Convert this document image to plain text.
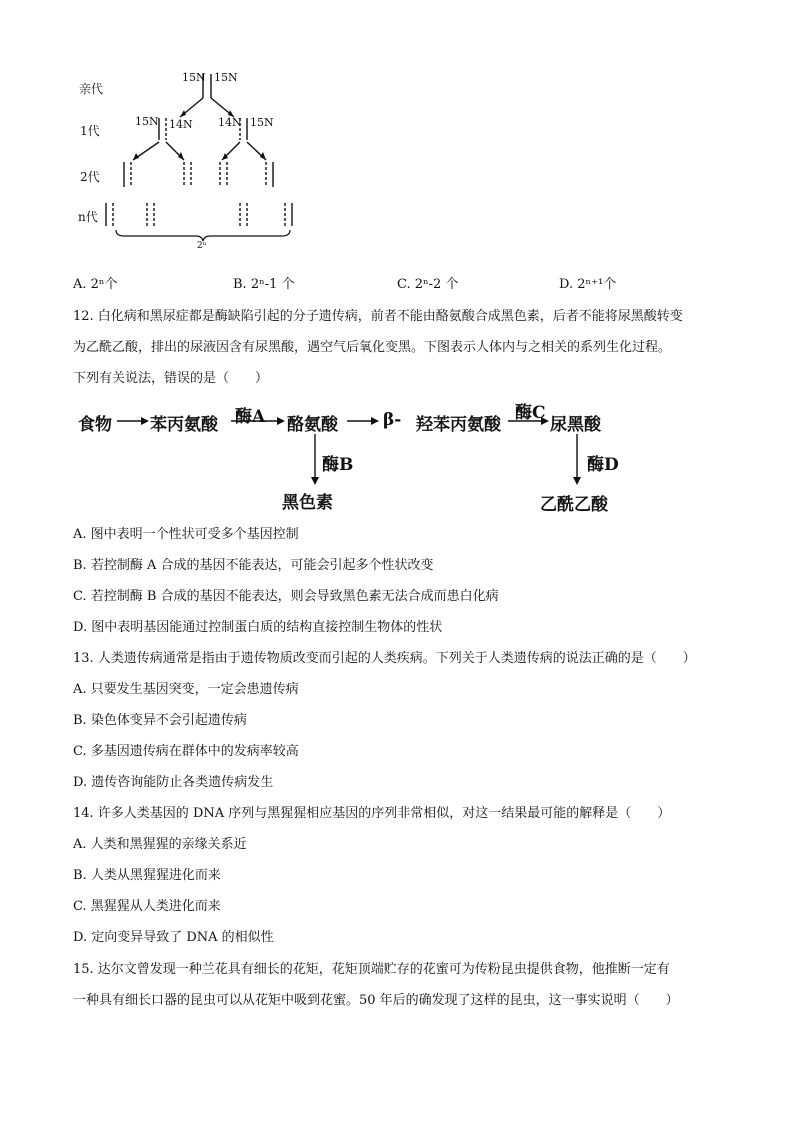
亲代
1代
2代
n代
15N 15N
15N 14N 14N 15N
2ⁿ
A. 2ⁿ个	B. 2ⁿ-1 个	C. 2ⁿ-2 个	D. 2ⁿ⁺¹个
12. 白化病和黑尿症都是酶缺陷引起的分子遗传病，前者不能由酪氨酸合成黑色素，后者不能将尿黑酸转变
为乙酰乙酸，排出的尿液因含有尿黑酸，遇空气后氧化变黑。下图表示人体内与之相关的系列生化过程。
下列有关说法，错误的是（　　）
食物 苯丙氨酸 酶A 酪氨酸	β- 羟苯丙氨酸
酶C
尿黑酸
酶B
黑色素
酶D
乙酰乙酸
A. 图中表明一个性状可受多个基因控制
B. 若控制酶 A 合成的基因不能表达，可能会引起多个性状改变
C. 若控制酶 B 合成的基因不能表达，则会导致黑色素无法合成而患白化病
D. 图中表明基因能通过控制蛋白质的结构直接控制生物体的性状
13. 人类遗传病通常是指由于遗传物质改变而引起的人类疾病。下列关于人类遗传病的说法正确的是（　　）
A. 只要发生基因突变，一定会患遗传病
B. 染色体变异不会引起遗传病
C. 多基因遗传病在群体中的发病率较高
D. 遗传咨询能防止各类遗传病发生
14. 许多人类基因的 DNA 序列与黑猩猩相应基因的序列非常相似，对这一结果最可能的解释是（　　）
A. 人类和黑猩猩的亲缘关系近
B. 人类从黑猩猩进化而来
C. 黑猩猩从人类进化而来
D. 定向变异导致了 DNA 的相似性
15. 达尔文曾发现一种兰花具有细长的花矩，花矩顶端贮存的花蜜可为传粉昆虫提供食物，他推断一定有
一种具有细长口器的昆虫可以从花矩中吸到花蜜。50 年后的确发现了这样的昆虫，这一事实说明（　　）
